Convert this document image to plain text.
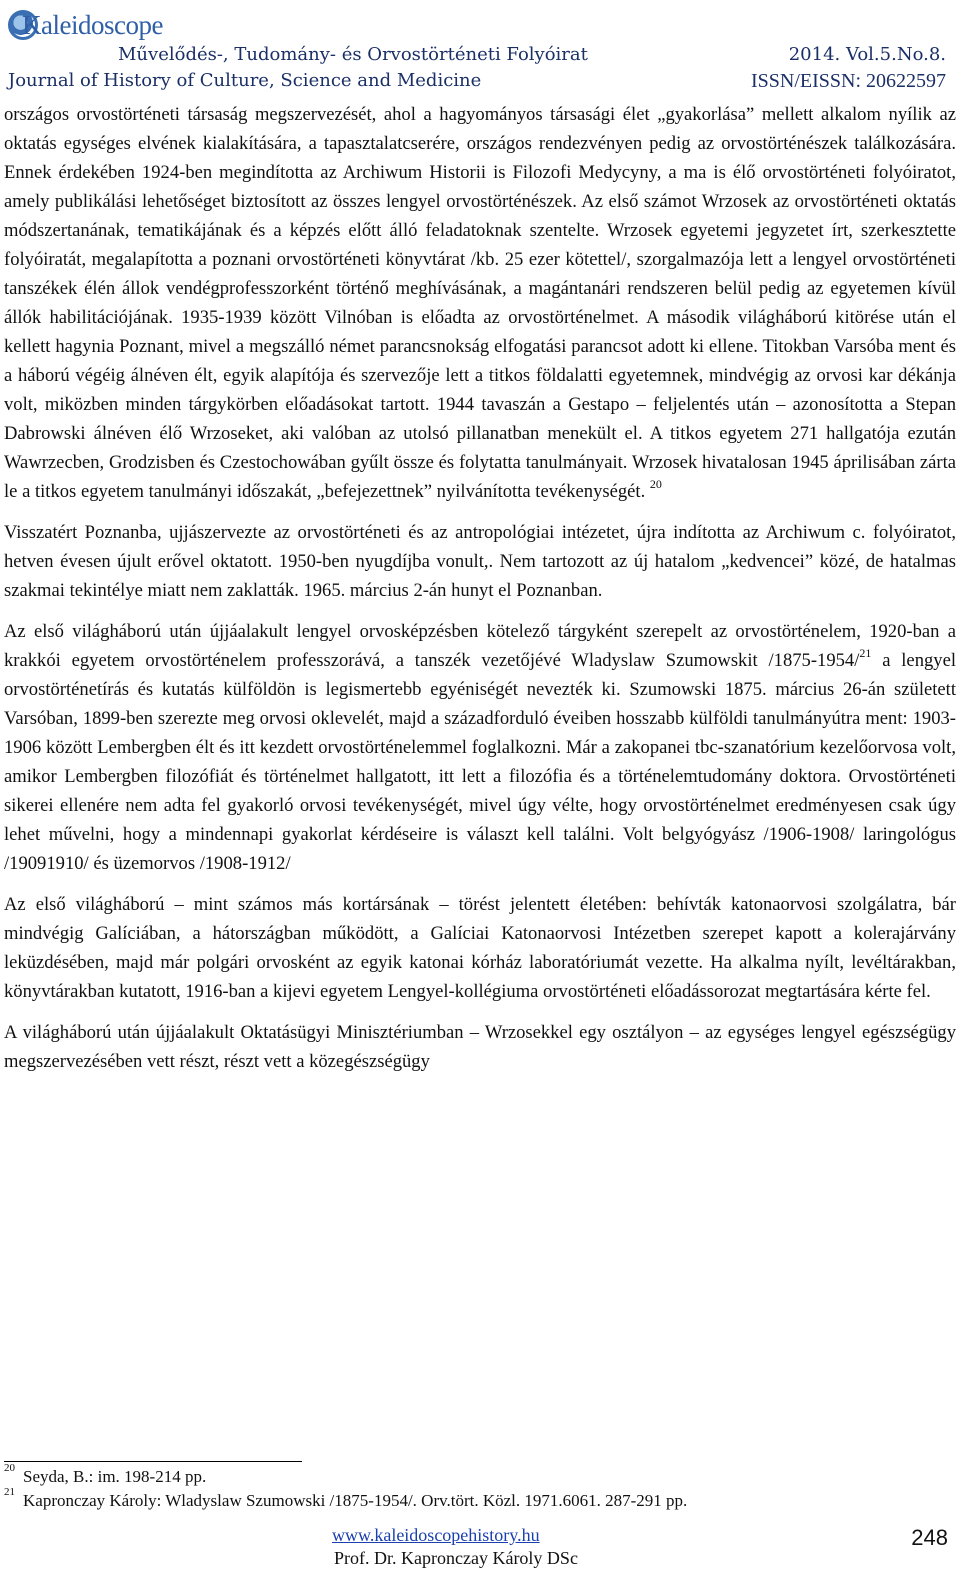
Kaleidoscope
Művelődés-, Tudomány- és Orvostörténeti Folyóirat	2014. Vol.5.No.8.
Journal of History of Culture, Science and Medicine	ISSN/EISSN: 20622597

országos orvostörténeti társaság megszervezését, ahol a hagyományos társasági élet „gyakorlása” mellett alkalom nyílik az oktatás egységes elvének kialakítására, a tapasztalatcserére, országos rendezvényen pedig az orvostörténészek találkozására. Ennek érdekében 1924-ben megindította az Archiwum Historii is Filozofi Medycyny, a ma is élő orvostörténeti folyóiratot, amely publikálási lehetőséget biztosított az összes lengyel orvostörténészek. Az első számot Wrzosek az orvostörténeti oktatás módszertanának, tematikájának és a képzés előtt álló feladatoknak szentelte. Wrzosek egyetemi jegyzetet írt, szerkesztette folyóiratát, megalapította a poznani orvostörténeti könyvtárat /kb. 25 ezer kötettel/, szorgalmazója lett a lengyel orvostörténeti tanszékek élén állok vendégprofesszorként történő meghívásának, a magántanári rendszeren belül pedig az egyetemen kívül állók habilitációjának. 1935-1939 között Vilnóban is előadta az orvostörténelmet. A második világháború kitörése után el kellett hagynia Poznant, mivel a megszálló német parancsnokság elfogatási parancsot adott ki ellene. Titokban Varsóba ment és a háború végéig álnéven élt, egyik alapítója és szervezője lett a titkos földalatti egyetemnek, mindvégig az orvosi kar dékánja volt, miközben minden tárgykörben előadásokat tartott. 1944 tavaszán a Gestapo – feljelentés után – azonosította a Stepan Dabrowski álnéven élő Wrzoseket, aki valóban az utolsó pillanatban menekült el. A titkos egyetem 271 hallgatója ezután Wawrzecben, Grodzisben és Czestochowában gyűlt össze és folytatta tanulmányait. Wrzosek hivatalosan 1945 áprilisában zárta le a titkos egyetem tanulmányi időszakát, „befejezettnek” nyilvánította tevékenységét. $^{20}$

Visszatért Poznanba, ujjászervezte az orvostörténeti és az antropológiai intézetet, újra indította az Archiwum c. folyóiratot, hetven évesen újult erővel oktatott. 1950-ben nyugdíjba vonult,. Nem tartozott az új hatalom „kedvencei” közé, de hatalmas szakmai tekintélye miatt nem zaklatták. 1965. március 2-án hunyt el Poznanban.

Az első világháború után újjáalakult lengyel orvosképzésben kötelező tárgyként szerepelt az orvostörténelem, 1920-ban a krakkói egyetem orvostörténelem professzorává, a tanszék vezetőjévé Wladyslaw Szumowskit /1875-1954/$^{21}$ a lengyel orvostörténetírás és kutatás külföldön is legismertebb egyéniségét nevezték ki. Szumowski 1875. március 26-án született Varsóban, 1899-ben szerezte meg orvosi oklevelét, majd a századforduló éveiben hosszabb külföldi tanulmányútra ment: 1903-1906 között Lembergben élt és itt kezdett orvostörténelemmel foglalkozni. Már a zakopanei tbc-szanatórium kezelőorvosa volt, amikor Lembergben filozófiát és történelmet hallgatott, itt lett a filozófia és a történelemtudomány doktora. Orvostörténeti sikerei ellenére nem adta fel gyakorló orvosi tevékenységét, mivel úgy vélte, hogy orvostörténelmet eredményesen csak úgy lehet művelni, hogy a mindennapi gyakorlat kérdéseire is választ kell találni. Volt belgyógyász /1906-1908/ laringológus /19091910/ és üzemorvos /1908-1912/

Az első világháború – mint számos más kortársának – törést jelentett életében: behívták katonaorvosi szolgálatra, bár mindvégig Galíciában, a hátországban működött, a Galíciai Katonaorvosi Intézetben szerepet kapott a kolerajárvány leküzdésében, majd már polgári orvosként az egyik katonai kórház laboratóriumát vezette. Ha alkalma nyílt, levéltárakban, könyvtárakban kutatott, 1916-ban a kijevi egyetem Lengyel-kollégiuma orvostörténeti előadássorozat megtartására kérte fel.

A világháború után újjáalakult Oktatásügyi Minisztériumban – Wrzosekkel egy osztályon – az egységes lengyel egészségügy megszervezésében vett részt, részt vett a közegészségügy

$^{20}$ Seyda, B.: im. 198-214 pp.
$^{21}$ Kapronczay Károly: Wladyslaw Szumowski /1875-1954/. Orv.tört. Közl. 1971.6061. 287-291 pp.
www.kaleidoscopehistory.hu
Prof. Dr. Kapronczay Károly DSc
248
